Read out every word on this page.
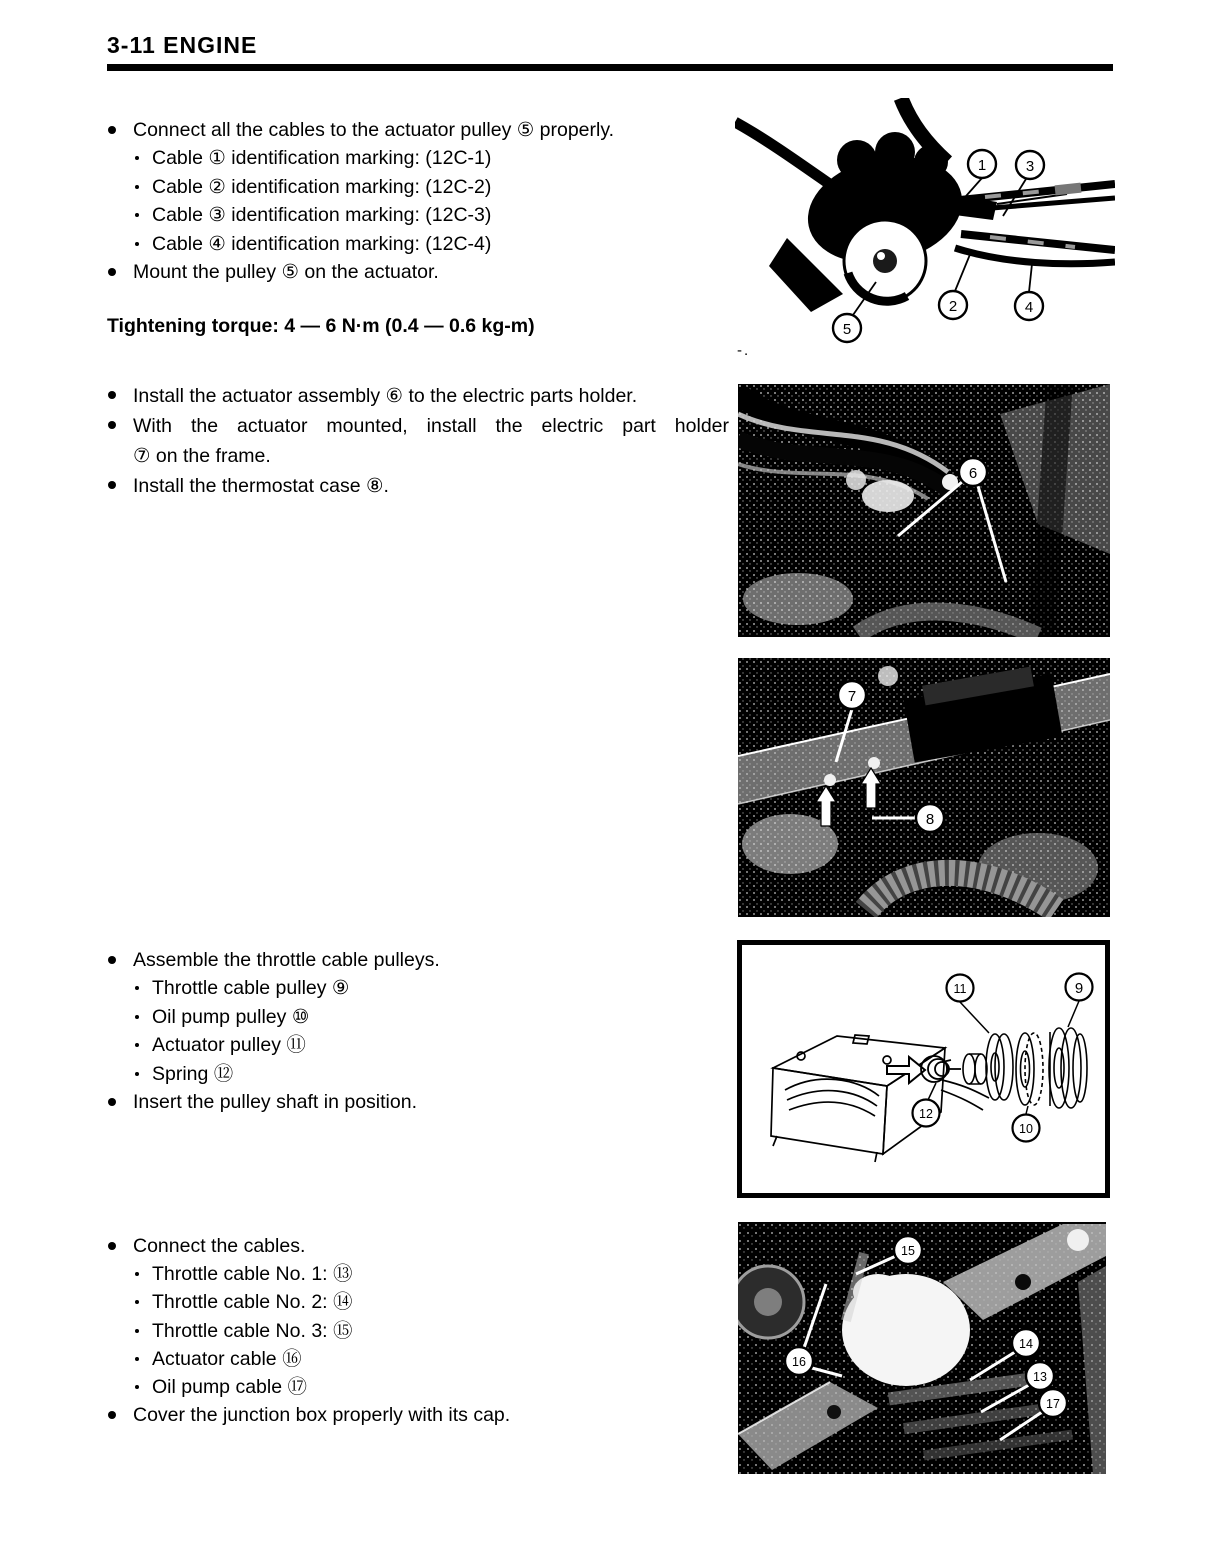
3-11 ENGINE
Connect all the cables to the actuator pulley ⑤ properly.
Cable ① identification marking: (12C-1)
Cable ② identification marking: (12C-2)
Cable ③ identification marking: (12C-3)
Cable ④ identification marking: (12C-4)
Mount the pulley ⑤ on the actuator.
Tightening torque: 4 — 6 N·m (0.4 — 0.6 kg-m)
Install the actuator assembly ⑥ to the electric parts holder.
With the actuator mounted, install the electric part holder
⑦ on the frame.
Install the thermostat case ⑧.
-.
Assemble the throttle cable pulleys.
Throttle cable pulley ⑨
Oil pump pulley ⑩
Actuator pulley ⑪
Spring ⑫
Insert the pulley shaft in position.
Connect the cables.
Throttle cable No. 1: ⑬
Throttle cable No. 2: ⑭
Throttle cable No. 3: ⑮
Actuator cable ⑯
Oil pump cable ⑰
Cover the junction box properly with its cap.
1	3
2	4
5
6
7
8
11	9
12
10
15
16
14
13
17
